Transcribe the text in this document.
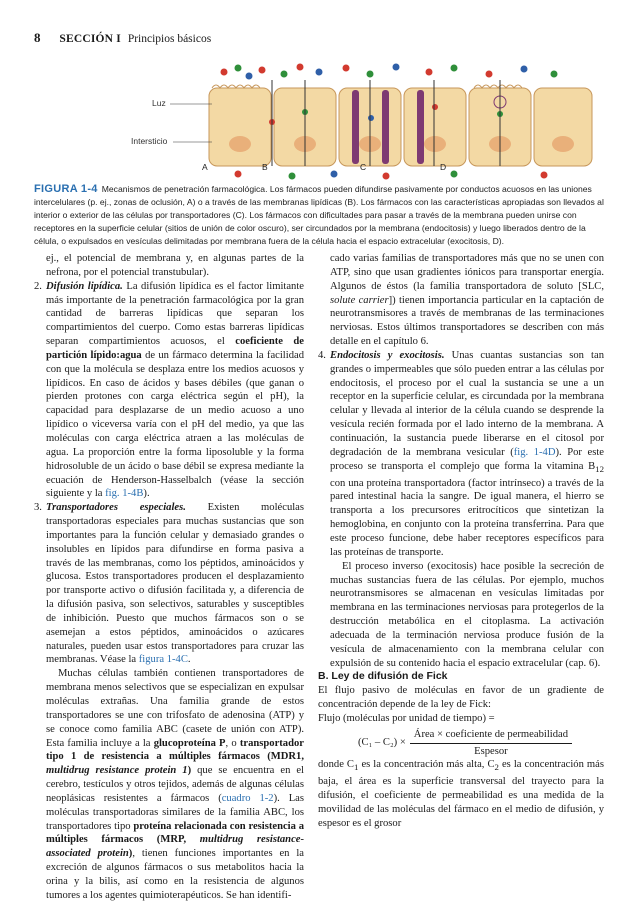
8 SECCIÓN I Principios básicos
Luz
Intersticio
A	B	C	D
FIGURA 1-4 Mecanismos de penetración farmacológica. Los fármacos pueden difundirse pasivamente por conductos acuosos en las uniones intercelulares (p. ej., zonas de oclusión, A) o a través de las membranas lipídicas (B). Los fármacos con las características apropiadas son llevados al interior o exterior de las células por transportadores (C). Los fármacos con dificultades para pasar a través de la membrana pueden unirse con receptores en la superficie celular (sitios de unión de color oscuro), ser circundados por la membrana (endocitosis) y luego liberados dentro de la célula, o expulsados en vesículas delimitadas por membrana fuera de la célula hacia el espacio extracelular (exocitosis, D).

ej., el potencial de membrana y, en algunas partes de la nefrona, por el potencial transtubular).

2. Difusión lipídica. La difusión lipídica es el factor limitante más importante de la penetración farmacológica por la gran cantidad de barreras lipídicas que separan los compartimientos del cuerpo. Como estas barreras lipídicas separan compartimientos acuosos, el coeficiente de partición lípido:agua de un fármaco determina la facilidad con que la molécula se desplaza entre los medios acuosos y lipídicos. En caso de ácidos y bases débiles (que ganan o pierden protones con carga eléctrica según el pH), la capacidad para desplazarse de un medio acuoso a uno lipídico o viceversa varía con el pH del medio, ya que las moléculas con carga eléctrica atraen a las moléculas de agua. La proporción entre la forma liposoluble y la forma hidrosoluble de un ácido o base débil se expresa mediante la ecuación de Henderson-Hasselbalch (véase la sección siguiente y la fig. 1-4B).

3. Transportadores especiales. Existen moléculas transportadoras especiales para muchas sustancias que son importantes para la función celular y demasiado grandes o insolubles en lípidos para difundirse en forma pasiva a través de las membranas, como los péptidos, aminoácidos y glucosa. Estos transportadores producen el desplazamiento por transporte activo o difusión facilitada y, a diferencia de la difusión pasiva, son selectivos, saturables y susceptibles de inhibición. Puesto que muchos fármacos son o se asemejan a estos péptidos, aminoácidos o azúcares naturales, pueden usar estos transportadores para cruzar las membranas. Véase la figura 1-4C.

Muchas células también contienen transportadores de membrana menos selectivos que se especializan en expulsar moléculas extrañas. Una familia grande de estos transportadores se une con trifosfato de adenosina (ATP) y se conoce como familia ABC (casete de unión con ATP). Esta familia incluye a la glucoproteína P, o transportador tipo 1 de resistencia a múltiples fármacos (MDR1, multidrug resistance protein 1) que se encuentra en el cerebro, testículos y otros tejidos, además de algunas células neoplásicas resistentes a fármacos (cuadro 1-2). Las moléculas transportadoras similares de la familia ABC, los transportadores tipo proteína relacionada con resistencia a múltiples fármacos (MRP, multidrug resistance-associated protein), tienen funciones importantes en la excreción de algunos fármacos o sus metabolitos hacia la orina y la bilis, así como en la resistencia de algunos tumores a los agentes quimioterapéuticos. Se han identifi-

cado varias familias de transportadores más que no se unen con ATP, sino que usan gradientes iónicos para transportar energía. Algunos de éstos (la familia transportadora de soluto [SLC, solute carrier]) tienen importancia particular en la captación de neurotransmisores a través de membranas de las terminaciones nerviosas. Estos últimos transportadores se describen con más detalle en el capítulo 6.

4. Endocitosis y exocitosis. Unas cuantas sustancias son tan grandes o impermeables que sólo pueden entrar a las células por endocitosis, el proceso por el cual la sustancia se une a un receptor en la superficie celular, es circundada por la membrana celular y llevada al interior de la célula cuando se desprende la vesícula recién formada por el lado interno de la membrana. A continuación, la sustancia puede liberarse en el citosol por degradación de la membrana vesicular (fig. 1-4D). Por este proceso se transporta el complejo que forma la vitamina $B_{12}$ con una proteína transportadora (factor intrínseco) a través de la pared intestinal hacia la sangre. De igual manera, el hierro se transporta a los precursores eritrocíticos que sintetizan la hemoglobina, en conjunto con la proteína transferrina. Para que este proceso funcione, debe haber receptores específicos para las proteínas de transporte.

El proceso inverso (exocitosis) hace posible la secreción de muchas sustancias fuera de las células. Por ejemplo, muchos neurotransmisores se almacenan en vesículas limitadas por membrana en las terminaciones nerviosas para protegerlos de la destrucción metabólica en el citoplasma. La activación adecuada de la terminación nerviosa produce fusión de la vesícula de almacenamiento con la membrana celular con expulsión de su contenido hacia el espacio extracelular (cap. 6).

B. Ley de difusión de Fick

El flujo pasivo de moléculas en favor de un gradiente de concentración depende de la ley de Fick:

Flujo (moléculas por unidad de tiempo) =

(C₁ – C₂) ×
Área × coeficiente de permeabilidad
Espesor

donde $C_1$ es la concentración más alta, $C_2$ es la concentración más baja, el área es la superficie transversal del trayecto para la difusión, el coeficiente de permeabilidad es una medida de la movilidad de las moléculas del fármaco en el medio de difusión, y espesor es el grosor
